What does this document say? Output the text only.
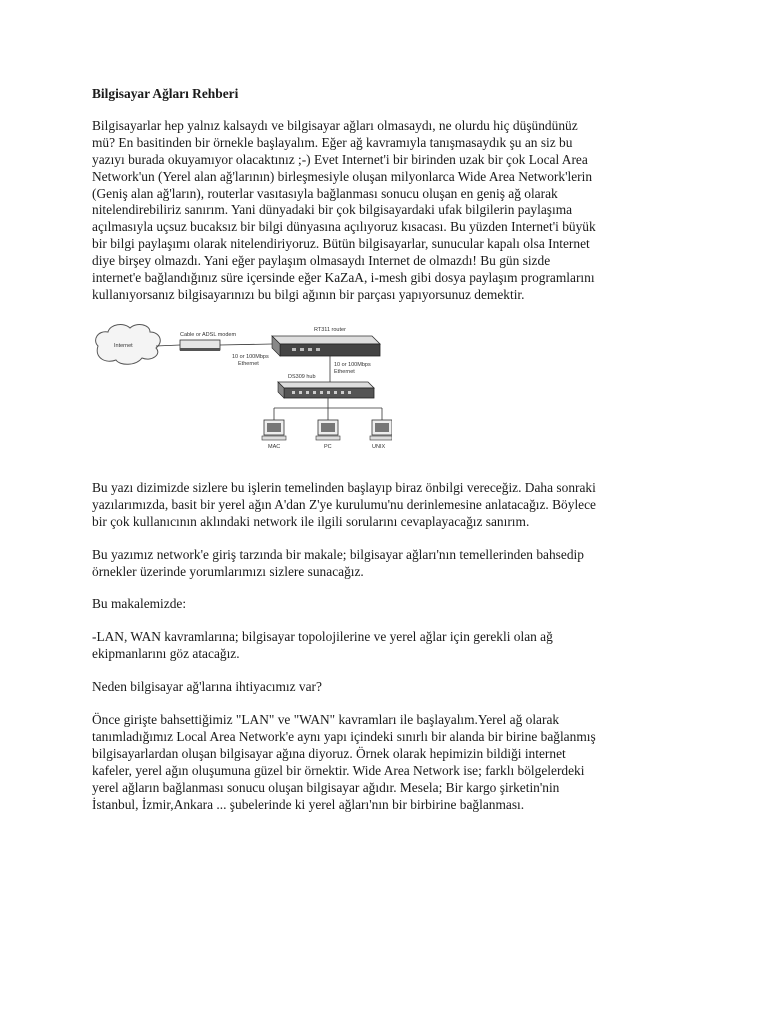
Bilgisayar Ağları Rehberi
Bilgisayarlar hep yalnız kalsaydı ve bilgisayar ağları olmasaydı, ne olurdu hiç düşündünüz
mü? En basitinden bir örnekle başlayalım. Eğer ağ kavramıyla tanışmasaydık şu an siz bu
yazıyı burada okuyamıyor olacaktınız ;-) Evet Internet'i bir birinden uzak bir çok Local Area
Network'un (Yerel alan ağ'larının) birleşmesiyle oluşan milyonlarca Wide Area Network'lerin
(Geniş alan ağ'ların), routerlar vasıtasıyla bağlanması sonucu oluşan en geniş ağ olarak
nitelendirebiliriz sanırım. Yani dünyadaki bir çok bilgisayardaki ufak bilgilerin paylaşıma
açılmasıyla uçsuz bucaksız bir bilgi dünyasına açılıyoruz kısacası. Bu yüzden Internet'i büyük
bir bilgi paylaşımı olarak nitelendiriyoruz. Bütün bilgisayarlar, sunucular kapalı olsa Internet
diye birşey olmazdı. Yani eğer paylaşım olmasaydı Internet de olmazdı! Bu gün sizde
internet'e bağlandığınız süre içersinde eğer KaZaA, i-mesh gibi dosya paylaşım programlarını
kullanıyorsanız bilgisayarınızı bu bilgi ağının bir parçası yapıyorsunuz demektir.
Internet
Cable or ADSL modem
RT311 router
10 or 100Mbps
Ethernet	10 or 100Mbps
Ethernet
DS309 hub
MAC	PC	UNIX
Bu yazı dizimizde sizlere bu işlerin temelinden başlayıp biraz önbilgi vereceğiz. Daha sonraki
yazılarımızda, basit bir yerel ağın A'dan Z'ye kurulumu'nu derinlemesine anlatacağız. Böylece
bir çok kullanıcının aklındaki network ile ilgili sorularını cevaplayacağız sanırım.
Bu yazımız network'e giriş tarzında bir makale; bilgisayar ağları'nın temellerinden bahsedip
örnekler üzerinde yorumlarımızı sizlere sunacağız.
Bu makalemizde:
-LAN, WAN kavramlarına; bilgisayar topolojilerine ve yerel ağlar için gerekli olan ağ
ekipmanlarını göz atacağız.
Neden bilgisayar ağ'larına ihtiyacımız var?
Önce girişte bahsettiğimiz "LAN" ve "WAN" kavramları ile başlayalım.Yerel ağ olarak
tanımladığımız Local Area Network'e aynı yapı içindeki sınırlı bir alanda bir birine bağlanmış
bilgisayarlardan oluşan bilgisayar ağına diyoruz. Örnek olarak hepimizin bildiği internet
kafeler, yerel ağın oluşumuna güzel bir örnektir. Wide Area Network ise; farklı bölgelerdeki
yerel ağların bağlanması sonucu oluşan bilgisayar ağıdır. Mesela; Bir kargo şirketin'nin
İstanbul, İzmir,Ankara ... şubelerinde ki yerel ağları'nın bir birbirine bağlanması.
